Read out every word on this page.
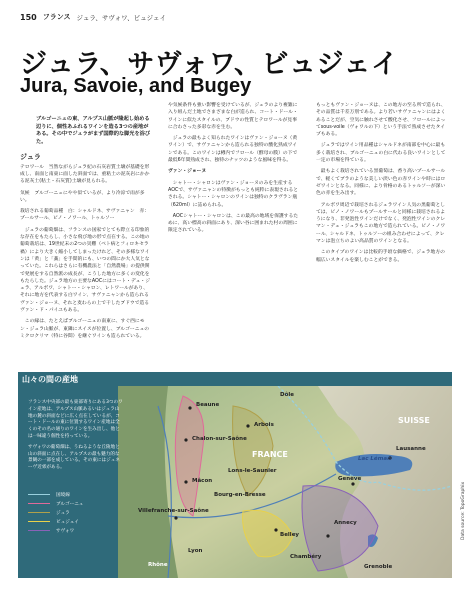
150 フランス ジュラ、サヴォワ、ビュジェイ
ジュラ、サヴォワ、ビュジェイ
Jura, Savoie, and Bugey
ブルゴーニュの東、アルプス山脈が隆起し始める辺りに、個性あふれるワインを造る3つの産地がある。その中でジュラがまず国際的な脚光を浴びた。
ジュラ

テロワール　当然ながらジュラ紀の石灰岩質土壌が基礎を形成し、南面と南東に面した斜面では、重粘土の泥灰岩にかかる泥灰土(粘土・石灰質)土壌が見られる。

気候　ブルゴーニュにやや似ているが、より冷涼で雨が多い。

栽培される葡萄品種　白：シャルドネ、サヴァニャン　赤：プールサール、ピノ・ノワール、トゥルソー

ジュラの葡萄畑は、フランスの国家でとても際立る印象的な存在をもたらし、小さな飛び地の形で点在する。この地の葡萄栽培は、19世紀末の2つの災難（ベト病とフィロキセラ禍）により大きく縮小してしまったけれど、その多様なワインは「黄」と「藁」を手間的にも、いつの間にか大人気となっていた。これらはさらに有機農法と「自然農場」の提供関で発展をする自然派の成長が、こうした地方に多くの変化をもたらした。ジュラ地方の主要なAOCにはコート・デュ・ジュラ、アルボワ、シャトー・シャロン、レトワールがあり、それに地方を代表する白ワイン、サヴァニャンから造られるヴァン・ジョーヌ、それと麦わらの上で干したブドウで造るヴァン・ド・パイユもある。

この縁は、たとえばブルゴーニュの南東に、すぐ西にモン・ジュラ山脈が、東隣にスイスが位置し、ブルゴーニュのミクロクリマ（特に谷間）を継ぐワインも造られている。

や気候条件も強い影響を受けているが、ジュラのより複雑に入り組んだ土地でさまざまな白が造られ、コート・ドール・ワインに似たスタイルの、ブドウの性質とテロワールが見事に合わさった多彩な赤を生む。

ジュラの最もよく知られたワインはヴァン・ジョーヌ（黄ワイン）で、サヴァニャンから造られる独特の酸化熟成ワインである。このワインは樽内でフロール（酵母の膜）の下で最低6年間熟成され、独特のナッツのような風味を得る。

ヴァン・ジョーヌ

シャトー・シャロンはヴァン・ジョーヌのみを生産するAOCで、サヴァニャンの特徴がもっとも純粋に表現されるとされる。シャトー・シャロンのワインは独特のクラヴラン瓶（620ml）に詰められる。

AOCシャトー・シャロンは、この最高の地域を保護するために、高い標高の斜面にあり、深い谷に囲まれた村の周囲に限定されている。

もっともヴァン・ジョーヌは、この地方の至る所で造られ、その品質は千差万別である。より若いサヴァニャンにはよくあることだが、空気に触れさせて酸化させ、フロールによってsous-voile（ヴォワルの下）という手法で熟成させたタイプもある。

ジュラではワイン用品種はシャルドネが南部を中心に最も多く栽培され、ブルゴーニュの白に代わる良いワインとして一定の市場を得ている。

最もよく栽培されている黒葡萄は、香り高いプールサールで、軽くてブラのような美しい淡い色の赤ワインや時にはロゼワインとなる。同様に、より骨格のあるトゥルソーが深い色の赤を生み出す。

アルボワ周辺で栽培されるジュラワイン人気の黒葡萄としては、ピノ・ノワールもプールサールと同様に栽培されるようになり、非発泡性ワインだけでなく、発泡性ワインのクレマン・デュ・ジュラもこの地方で造られている。ピノ・ノワール、シャルドネ、トゥルソーの組み合わせによって、クレマンは泡立ちのよい高品質のワインとなる。

このタイプのワインは比較的手頃な価格で、ジュラ地方の幅広いスタイルを楽しむことができる。

山々の間の産地

フランス中央部の最も東部寄りにある3つのワイン産地は、アルプス山脈あるいはジュラ山地の麓の斜面などに広く点在しているが、コート・ドールの東に位置するワイン産地は全くのその名の通りのワインを生み出し、他とは一味違う個性を持っている。

サヴォワの葡萄畑は、うねるような丘陵地と山の斜面に点在し、アルプスの最も魅力的な景観の一部を成している。その東にはジュネーヴ近郊がある。

国境線
ブルゴーニュ
ジュラ
ビュジェイ
サヴォワ
Beaune
Dôle
Arbois
Chalon-sur-Saône
FRANCE
Lons-le-Saunier
Mâcon
Bourg-en-Bresse
Villefranche-sur-Saône
Lyon
Rhône
SUISSE
Lausanne
Lac Léman
Genève
Belley
Annecy
Chambéry
Grenoble
Data source: TopoGraphix
